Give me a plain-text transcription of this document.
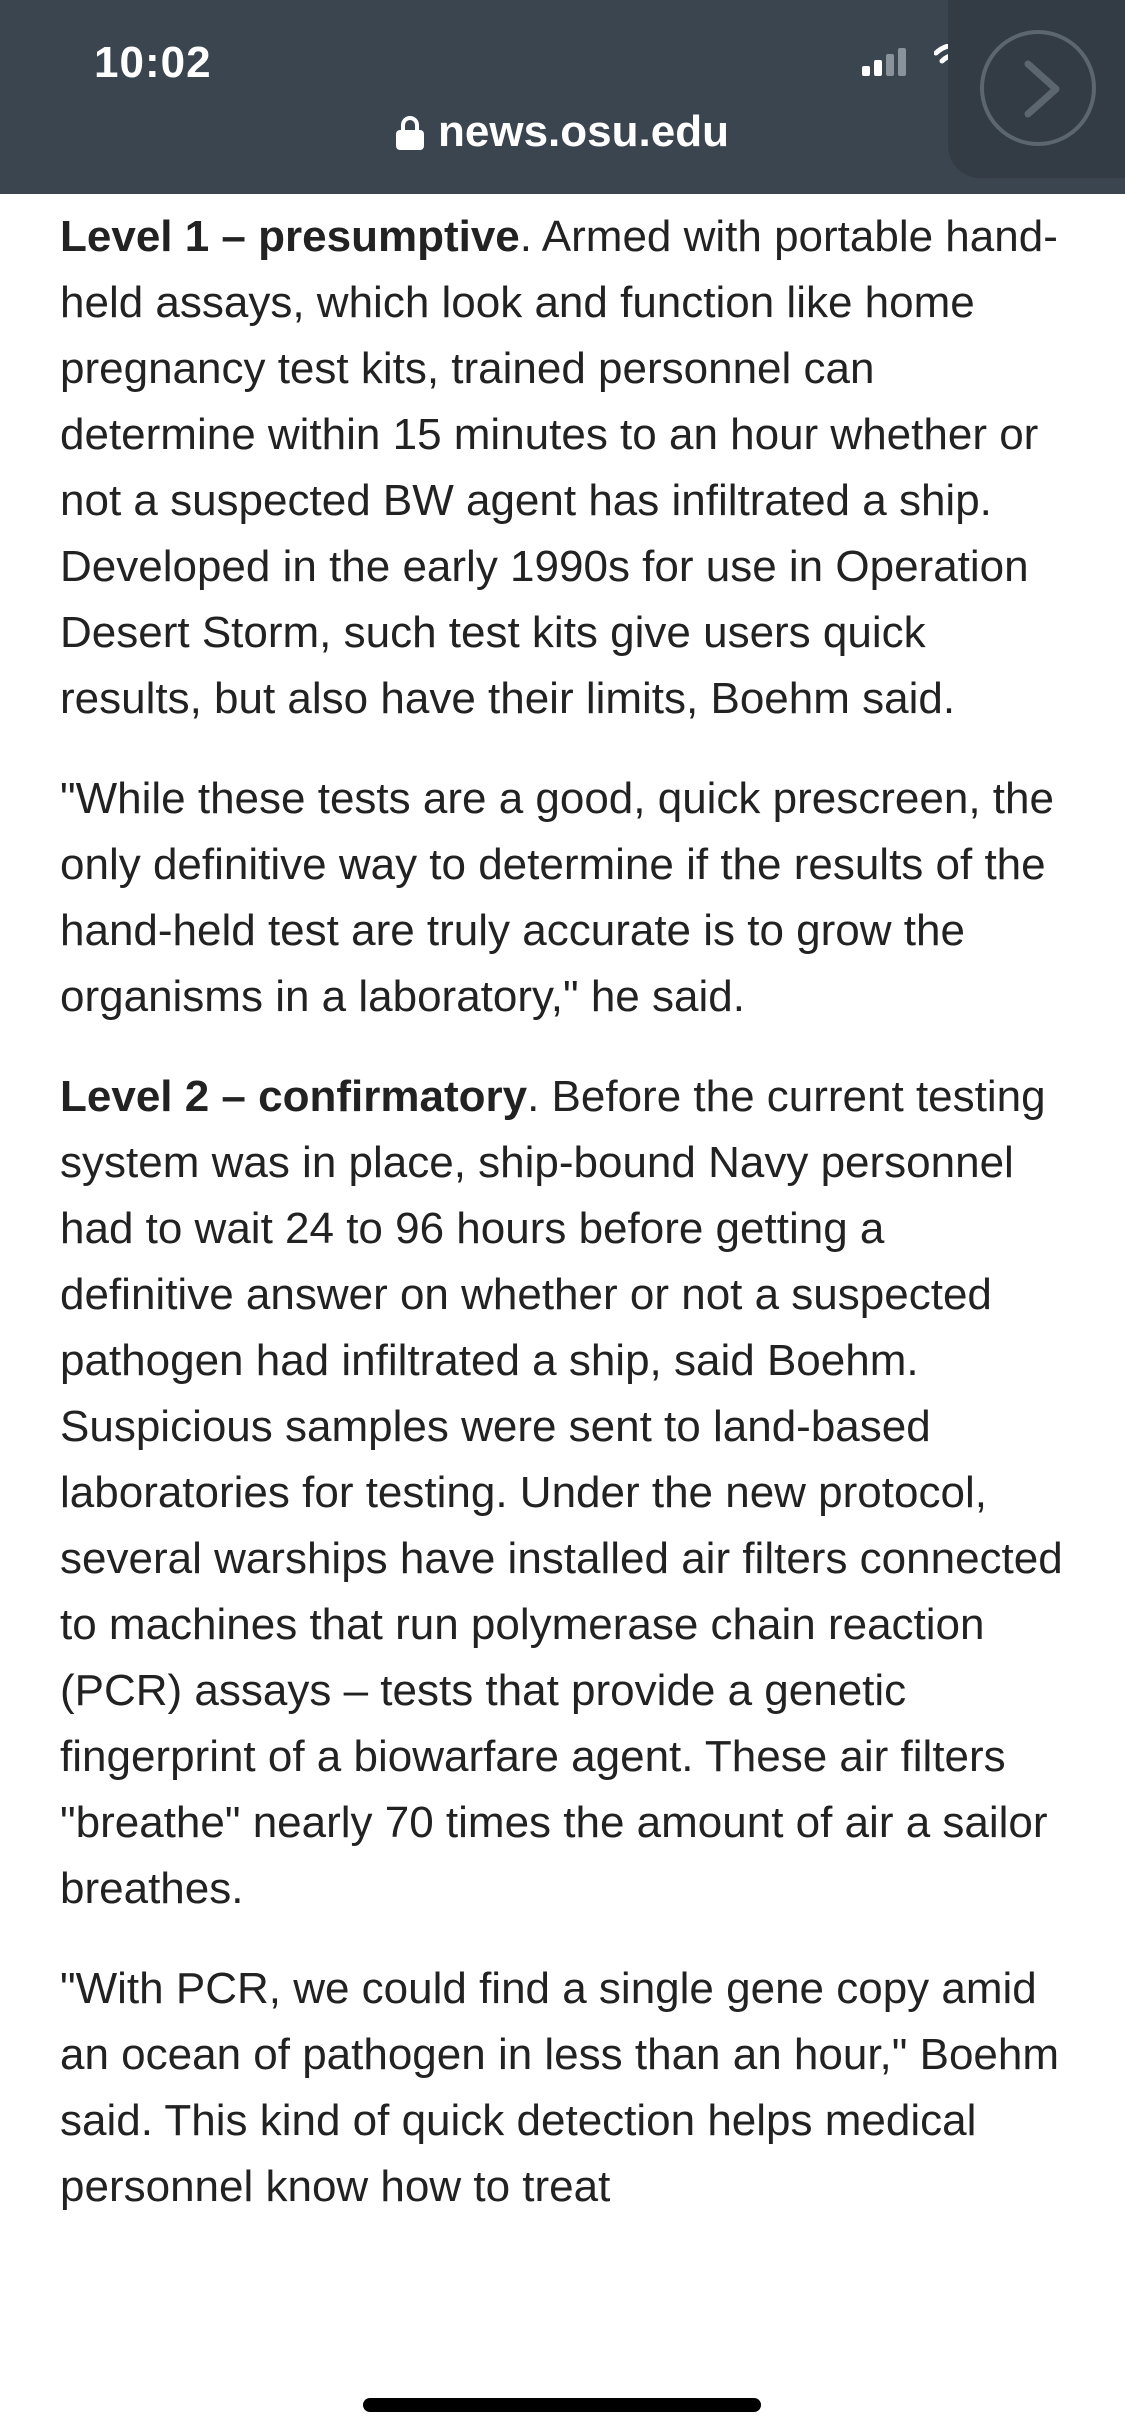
10:02
news.osu.edu

Level 1 – presumptive. Armed with portable hand-held assays, which look and function like home pregnancy test kits, trained personnel can determine within 15 minutes to an hour whether or not a suspected BW agent has infiltrated a ship. Developed in the early 1990s for use in Operation Desert Storm, such test kits give users quick results, but also have their limits, Boehm said.

"While these tests are a good, quick prescreen, the only definitive way to determine if the results of the hand-held test are truly accurate is to grow the organisms in a laboratory," he said.

Level 2 – confirmatory. Before the current testing system was in place, ship-bound Navy personnel had to wait 24 to 96 hours before getting a definitive answer on whether or not a suspected pathogen had infiltrated a ship, said Boehm. Suspicious samples were sent to land-based laboratories for testing. Under the new protocol, several warships have installed air filters connected to machines that run polymerase chain reaction (PCR) assays – tests that provide a genetic fingerprint of a biowarfare agent. These air filters "breathe" nearly 70 times the amount of air a sailor breathes.

"With PCR, we could find a single gene copy amid an ocean of pathogen in less than an hour," Boehm said. This kind of quick detection helps medical personnel know how to treat
